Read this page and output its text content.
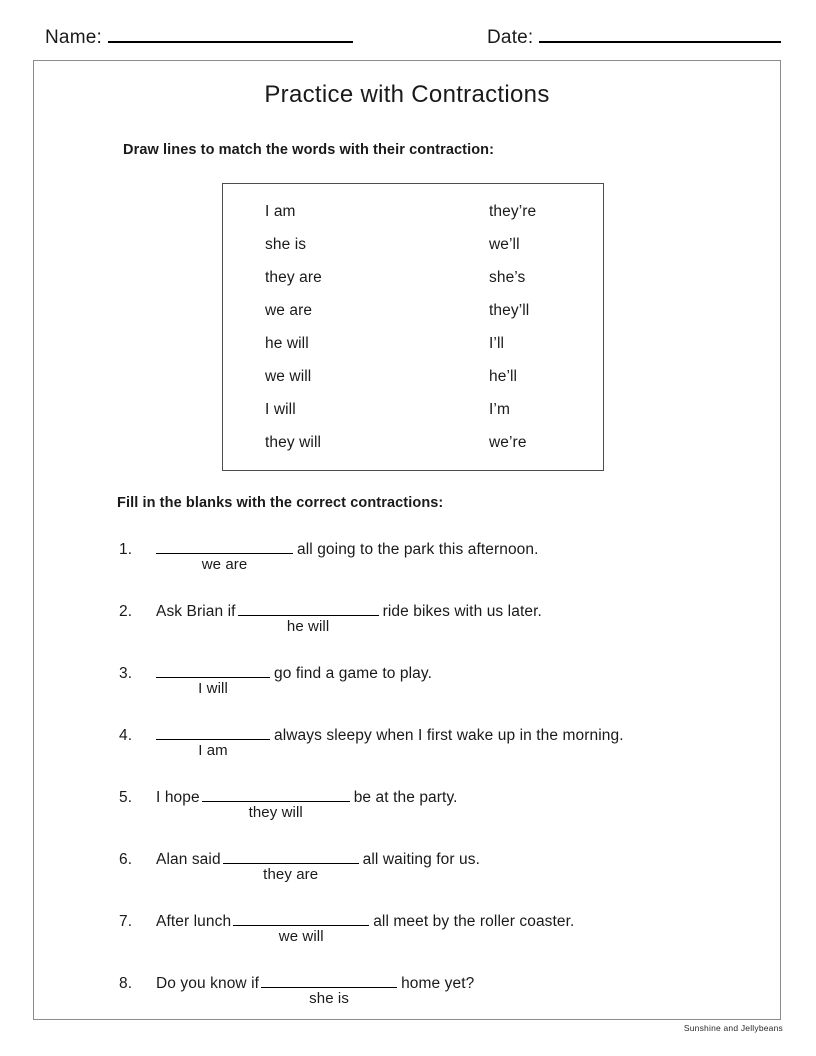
Name:	Date:
Practice with Contractions
Draw lines to match the words with their contraction:
I am	they’re
she is	we’ll
they are	she’s
we are	they’ll
he will	I’ll
we will	he’ll
I will	I’m
they will	we’re
Fill in the blanks with the correct contractions:
1.
we are
all going to the park this afternoon.
2.	Ask Brian if
he will
ride bikes with us later.
3.
I will
go find a game to play.
4.
I am
always sleepy when I first wake up in the morning.
5.	I hope
they will
be at the party.
6.	Alan said
they are
all waiting for us.
7.	After lunch
we will
all meet by the roller coaster.
8.	Do you know if
she is
home yet?
Sunshine and Jellybeans
